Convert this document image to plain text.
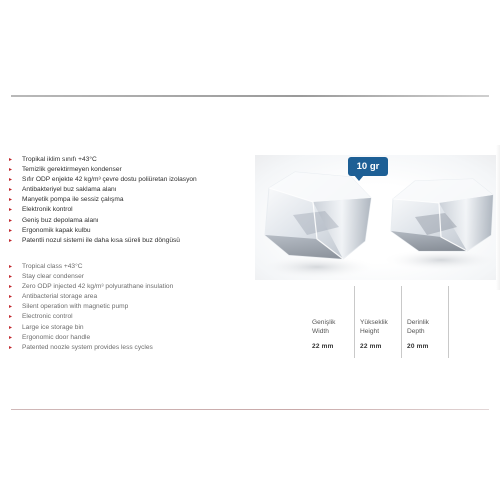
▸ Tropikal iklim sınıfı +43°C
▸ Temizlik gerektirmeyen kondenser
▸ Sıfır ODP enjekte 42 kg/m³ çevre dostu poliüretan izolasyon
▸ Antibakteriyel buz saklama alanı
▸ Manyetik pompa ile sessiz çalışma
▸ Elektronik kontrol
▸ Geniş buz depolama alanı
▸ Ergonomik kapak kulbu
▸ Patentli nozul sistemi ile daha kısa süreli buz döngüsü
▸ Tropical class +43°C
▸ Stay clear condenser
▸ Zero ODP injected 42 kg/m³ polyurathane insulation
▸ Antibacterial storage area
▸ Silent operation with magnetic pump
▸ Electronic control
▸ Large ice storage bin
▸ Ergonomic door handle
▸ Patented noozle system provides less cycles
10 gr
Genişlik
Width
22 mm
Yükseklik
Height
22 mm
Derinlik
Depth
20 mm
